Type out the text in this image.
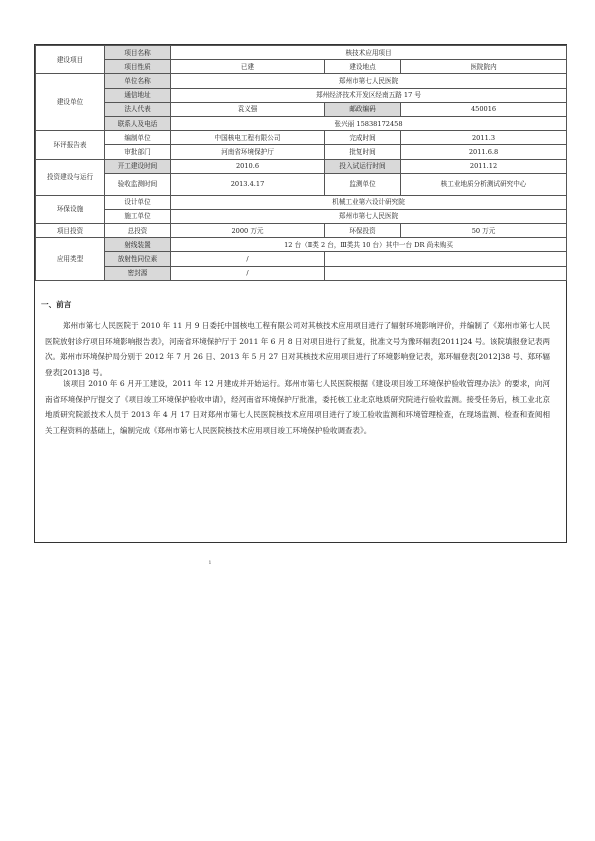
建设项目	项目名称	核技术应用项目		
	项目性质	已建	建设地点	医院院内
建设单位	单位名称	郑州市第七人民医院		
	通信地址	郑州经济技术开发区经南五路 17 号		
	法人代表	袁义强	邮政编码	450016
	联系人及电话	张兴丽 15838172458		
环评报告表	编制单位	中国核电工程有限公司	完成时间	2011.3
	审批部门	河南省环境保护厅	批复时间	2011.6.8
投资建设与运行	开工建设时间	2010.6	投入试运行时间	2011.12
	验收监测时间	2013.4.17	监测单位	核工业地质分析测试研究中心
环保设施	设计单位	机械工业第六设计研究院		
	施工单位	郑州市第七人民医院		
项目投资	总投资	2000 万元	环保投资	50 万元
应用类型	射线装置	12 台（Ⅱ类 2 台，Ⅲ类共 10 台）其中一台 DR 尚未购买		
	放射性同位素	/		
	密封源	/		
一、前言
郑州市第七人民医院于 2010 年 11 月 9 日委托中国核电工程有限公司对其核技术应用项目进行了辐射环境影响评价，并编制了《郑州市第七人民医院放射诊疗项目环境影响报告表》，河南省环境保护厅于 2011 年 6 月 8 日对项目进行了批复，批准文号为豫环辐表[2011]24 号。该院填报登记表两次。郑州市环境保护局分别于 2012 年 7 月 26 日、2013 年 5 月 27 日对其核技术应用项目进行了环境影响登记表，郑环辐登表[2012]38 号、郑环辐登表[2013]8 号。
该项目 2010 年 6 月开工建设，2011 年 12 月建成并开始运行。郑州市第七人民医院根据《建设项目竣工环境保护验收管理办法》的要求，向河南省环境保护厅提交了《项目竣工环境保护验收申请》，经河南省环境保护厅批准，委托核工业北京地质研究院进行验收监测。接受任务后，核工业北京地质研究院派技术人员于 2013 年 4 月 17 日对郑州市第七人民医院核技术应用项目进行了竣工验收监测和环境管理检查，在现场监测、检查和查阅相关工程资料的基础上，编制完成《郑州市第七人民医院核技术应用项目竣工环境保护验收调查表》。
1
